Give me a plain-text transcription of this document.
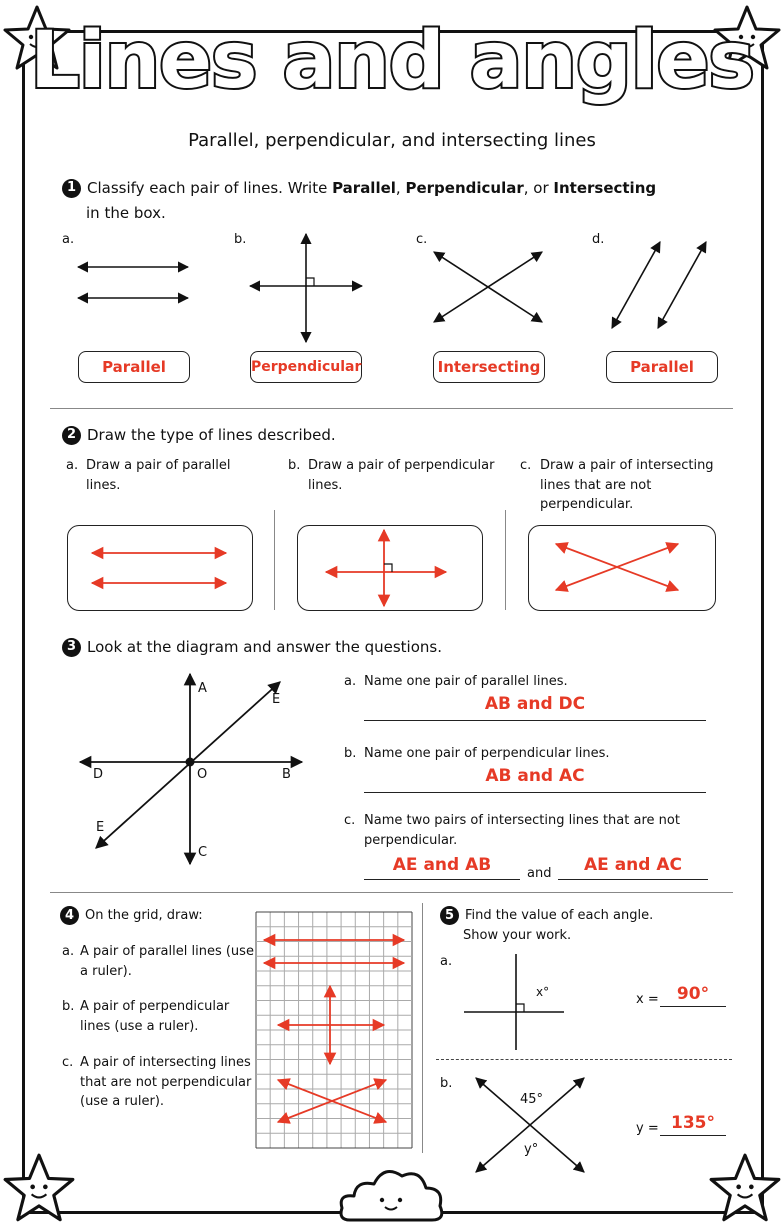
Lines and angles
Parallel, perpendicular, and intersecting lines
1 Classify each pair of lines. Write Parallel, Perpendicular, or Intersecting
in the box.
a.	b.	c.	d.
Parallel	Perpendicular	Intersecting	Parallel
2 Draw the type of lines described.
a. Draw a pair of parallel
lines.
b. Draw a pair of perpendicular
lines.
c. Draw a pair of intersecting
lines that are not
perpendicular.
3 Look at the diagram and answer the questions.
A
E
D	O	B
E
C
a. Name one pair of parallel lines.
AB and DC
b. Name one pair of perpendicular lines.
AB and AC
c. Name two pairs of intersecting lines that are not
perpendicular.
AE and AB	and	AE and AC
4 On the grid, draw:
a. A pair of parallel lines (use
a ruler).
b. A pair of perpendicular
lines (use a ruler).
c. A pair of intersecting lines
that are not perpendicular
(use a ruler).
5 Find the value of each angle.
Show your work.
a.
x°	x =	90°
b.
45°
y°
y = 135°
